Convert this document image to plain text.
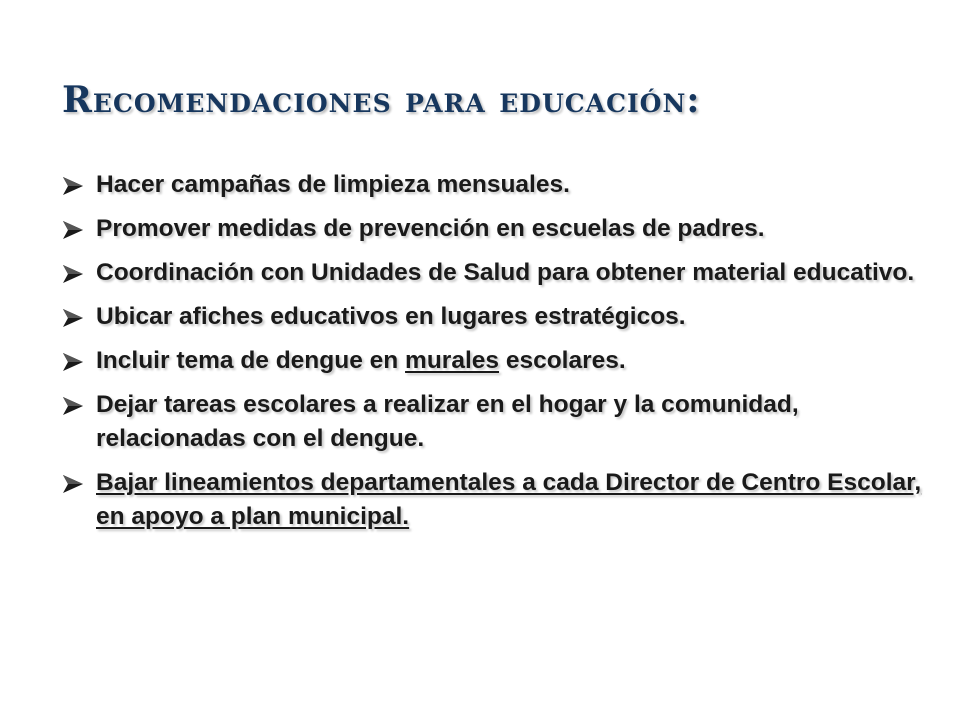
Recomendaciones para educación:
Hacer campañas de limpieza mensuales.
Promover medidas de prevención en escuelas de padres.
Coordinación con Unidades de Salud para obtener material educativo.
Ubicar afiches educativos en lugares estratégicos.
Incluir tema de dengue en murales escolares.
Dejar tareas escolares a realizar en el hogar y la comunidad, relacionadas con el dengue.
Bajar lineamientos departamentales a cada Director de Centro Escolar, en apoyo a plan municipal.
